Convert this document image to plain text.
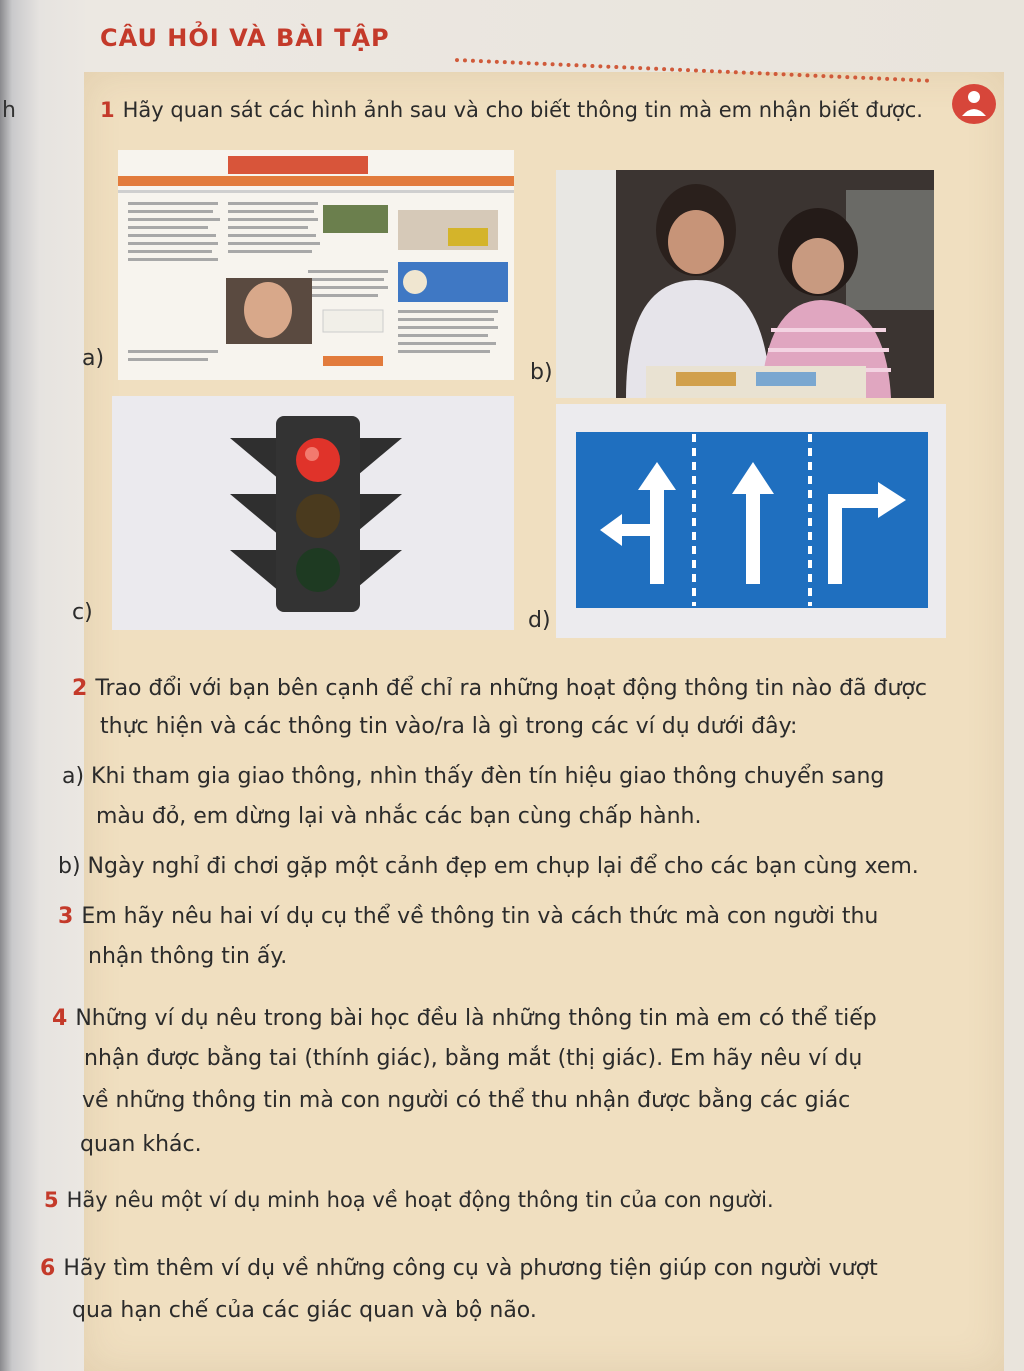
h
CÂU HỎI VÀ BÀI TẬP
1 Hãy quan sát các hình ảnh sau và cho biết thông tin mà em nhận biết được.
a)
b)
c)	d)
2 Trao đổi với bạn bên cạnh để chỉ ra những hoạt động thông tin nào đã được
thực hiện và các thông tin vào/ra là gì trong các ví dụ dưới đây:
a) Khi tham gia giao thông, nhìn thấy đèn tín hiệu giao thông chuyển sang
màu đỏ, em dừng lại và nhắc các bạn cùng chấp hành.
b) Ngày nghỉ đi chơi gặp một cảnh đẹp em chụp lại để cho các bạn cùng xem.
3 Em hãy nêu hai ví dụ cụ thể về thông tin và cách thức mà con người thu
nhận thông tin ấy.
4 Những ví dụ nêu trong bài học đều là những thông tin mà em có thể tiếp
nhận được bằng tai (thính giác), bằng mắt (thị giác). Em hãy nêu ví dụ
về những thông tin mà con người có thể thu nhận được bằng các giác
quan khác.
5 Hãy nêu một ví dụ minh hoạ về hoạt động thông tin của con người.
6 Hãy tìm thêm ví dụ về những công cụ và phương tiện giúp con người vượt
qua hạn chế của các giác quan và bộ não.
